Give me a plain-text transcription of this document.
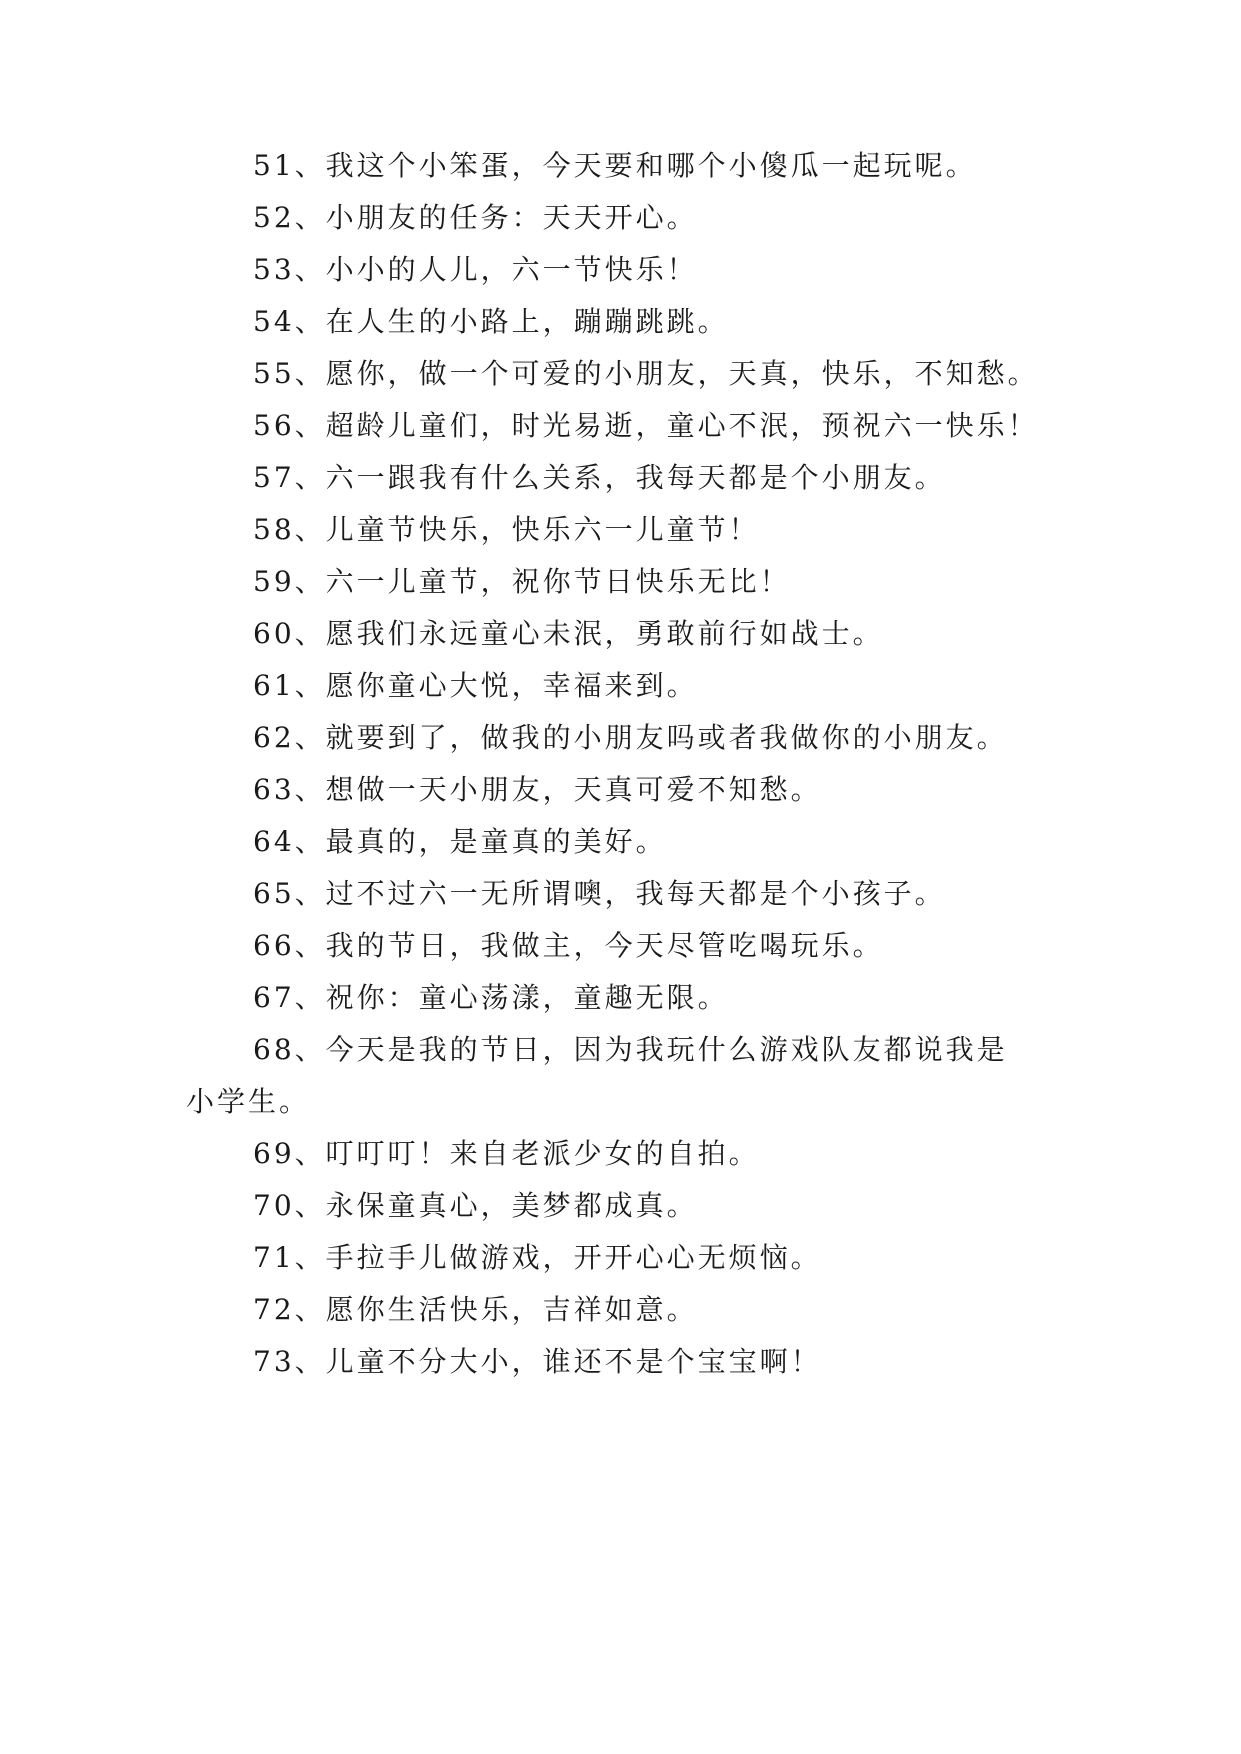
51、我这个小笨蛋，今天要和哪个小傻瓜一起玩呢。
52、小朋友的任务：天天开心。
53、小小的人儿，六一节快乐！
54、在人生的小路上，蹦蹦跳跳。
55、愿你，做一个可爱的小朋友，天真，快乐，不知愁。
56、超龄儿童们，时光易逝，童心不泯，预祝六一快乐！
57、六一跟我有什么关系，我每天都是个小朋友。
58、儿童节快乐，快乐六一儿童节！
59、六一儿童节，祝你节日快乐无比！
60、愿我们永远童心未泯，勇敢前行如战士。
61、愿你童心大悦，幸福来到。
62、就要到了，做我的小朋友吗或者我做你的小朋友。
63、想做一天小朋友，天真可爱不知愁。
64、最真的，是童真的美好。
65、过不过六一无所谓噢，我每天都是个小孩子。
66、我的节日，我做主，今天尽管吃喝玩乐。
67、祝你：童心荡漾，童趣无限。
68、今天是我的节日，因为我玩什么游戏队友都说我是
小学生。
69、叮叮叮！来自老派少女的自拍。
70、永保童真心，美梦都成真。
71、手拉手儿做游戏，开开心心无烦恼。
72、愿你生活快乐，吉祥如意。
73、儿童不分大小，谁还不是个宝宝啊！
